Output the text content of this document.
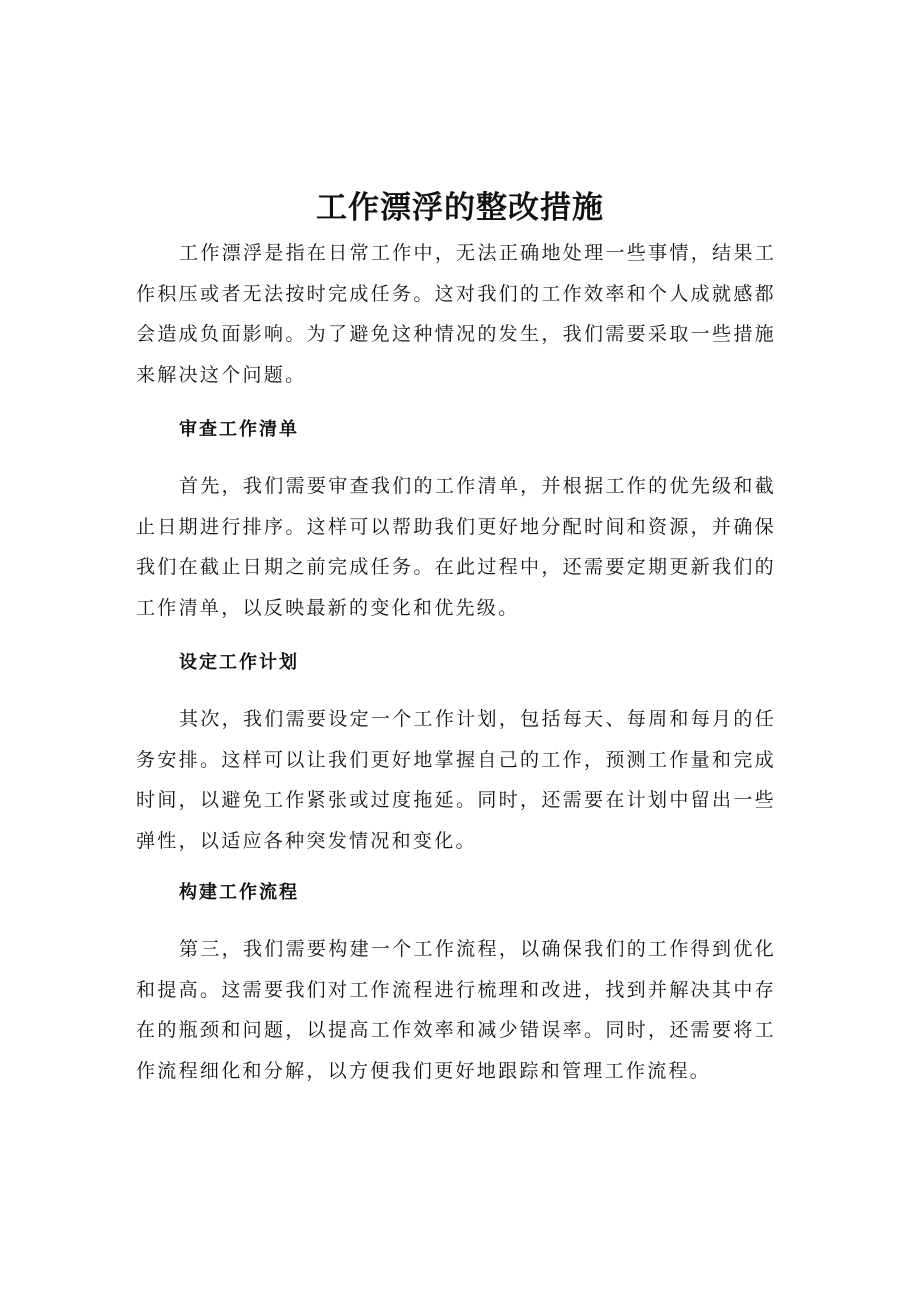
工作漂浮的整改措施

工作漂浮是指在日常工作中，无法正确地处理一些事情，结果工作积压或者无法按时完成任务。这对我们的工作效率和个人成就感都会造成负面影响。为了避免这种情况的发生，我们需要采取一些措施来解决这个问题。

审查工作清单

首先，我们需要审查我们的工作清单，并根据工作的优先级和截止日期进行排序。这样可以帮助我们更好地分配时间和资源，并确保我们在截止日期之前完成任务。在此过程中，还需要定期更新我们的工作清单，以反映最新的变化和优先级。

设定工作计划

其次，我们需要设定一个工作计划，包括每天、每周和每月的任务安排。这样可以让我们更好地掌握自己的工作，预测工作量和完成时间，以避免工作紧张或过度拖延。同时，还需要在计划中留出一些弹性，以适应各种突发情况和变化。

构建工作流程

第三，我们需要构建一个工作流程，以确保我们的工作得到优化和提高。这需要我们对工作流程进行梳理和改进，找到并解决其中存在的瓶颈和问题，以提高工作效率和减少错误率。同时，还需要将工作流程细化和分解，以方便我们更好地跟踪和管理工作流程。
